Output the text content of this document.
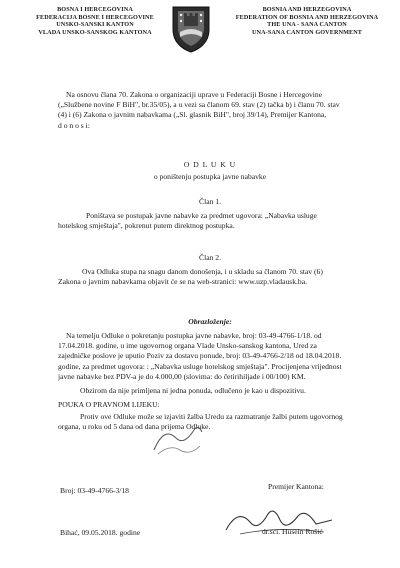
BOSNA I HERCEGOVINA
FEDERACIJA BOSNE I HERCEGOVINE
UNSKO-SANSKI KANTON
VLADA UNSKO-SANSKOG KANTONA
BOSNIA AND HERZEGOVINA
FEDERATION OF BOSNIA AND HERZEGOVINA
THE UNA - SANA CANTON
UNA-SANA CANTON GOVERNMENT
Na osnovu člana 70. Zakona o organizaciji uprave u Federaciji Bosne i Hercegovine
(„Službene novine F BiH", br.35/05), a u vezi sa članom 69. stav (2) tačka b) i članu 70. stav
(4) i (6) Zakona o javnim nabavkama („Sl. glasnik BiH", broj 39/14), Premijer Kantona,
d o n o s i:
O D L U K U
o poništenju postupka javne nabavke
Član 1.
Poništava se postupak javne nabavke za predmet ugovora: „Nabavka usluge
hotelskog smještaja", pokrenut putem direktnog postupka.
Član 2.
Ova Odluka stupa na snagu danom donošenja, i u skladu sa članom 70. stav (6)
Zakona o javnim nabavkama objavit će se na web-stranici: www.uzp.vladausk.ba.
Obrazloženje:
Na temelju Odluke o pokretanju postupka javne nabavke, broj: 03-49-4766-1/18. od
17.04.2018. godine, u ime ugovornog organa Vlade Unsko-sanskog kantona, Ured za
zajedničke poslove je uputio Poziv za dostavu ponude, broj: 03-49-4766-2/18 od 18.04.2018.
godine, za predmet ugovora: : „Nabavka usluge hotelskog smještaja". Procijenjena vrijednost
javne nabavke bez PDV-a je do 4.000,00 (slovima: do četirihiljade i 00/100) KM.
Obzirom da nije primljena ni jedna ponuda, odlučeno je kao u dispozitivu.
POUKA O PRAVNOM LIJEKU:
Protiv ove Odluke može se izjaviti žalba Uredu za razmatranje žalbi putem ugovornog
organa, u roku od 5 dana od dana prijema Odluke.
Broj: 03-49-4766-3/18
Bihać, 09.05.2018. godine
Premijer Kantona:
dr.sci. Husein Rošić
